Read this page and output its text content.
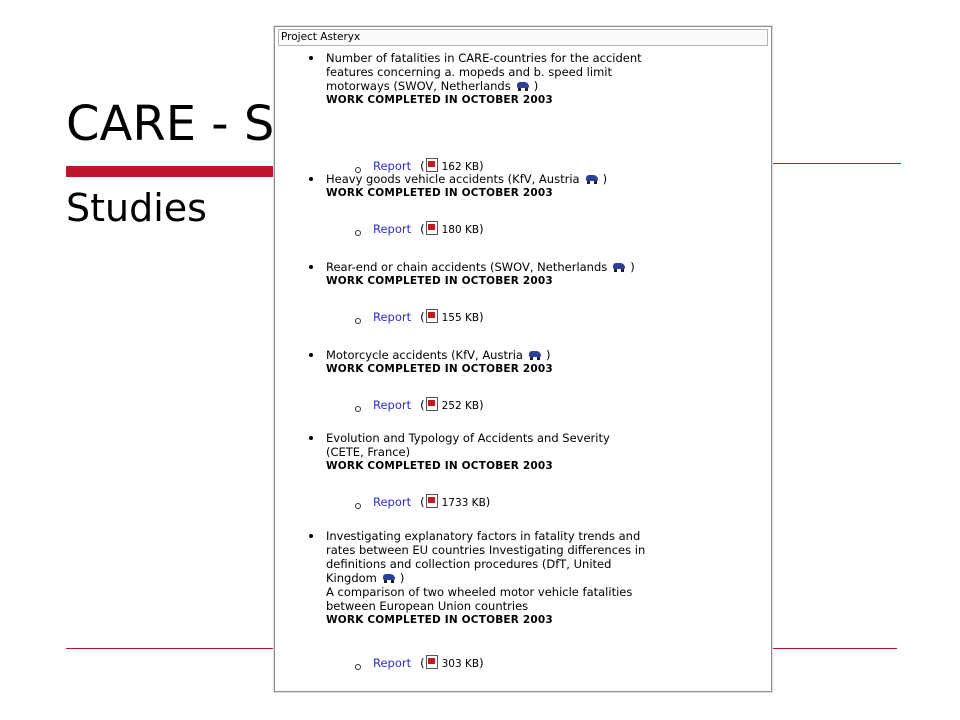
CARE - S
Studies
Project Asteryx
Number of fatalities in CARE-countries for the accident
features concerning a. mopeds and b. speed limit
motorways (SWOV, Netherlands )
WORK COMPLETED IN OCTOBER 2003
Report ( 162 KB)
Heavy goods vehicle accidents (KfV, Austria )
WORK COMPLETED IN OCTOBER 2003
Report ( 180 KB)
Rear-end or chain accidents (SWOV, Netherlands )
WORK COMPLETED IN OCTOBER 2003
Report ( 155 KB)
Motorcycle accidents (KfV, Austria )
WORK COMPLETED IN OCTOBER 2003
Report ( 252 KB)
Evolution and Typology of Accidents and Severity
(CETE, France)
WORK COMPLETED IN OCTOBER 2003
Report ( 1733 KB)
Investigating explanatory factors in fatality trends and
rates between EU countries Investigating differences in
definitions and collection procedures (DfT, United
Kingdom )
A comparison of two wheeled motor vehicle fatalities
between European Union countries
WORK COMPLETED IN OCTOBER 2003
Report ( 303 KB)
